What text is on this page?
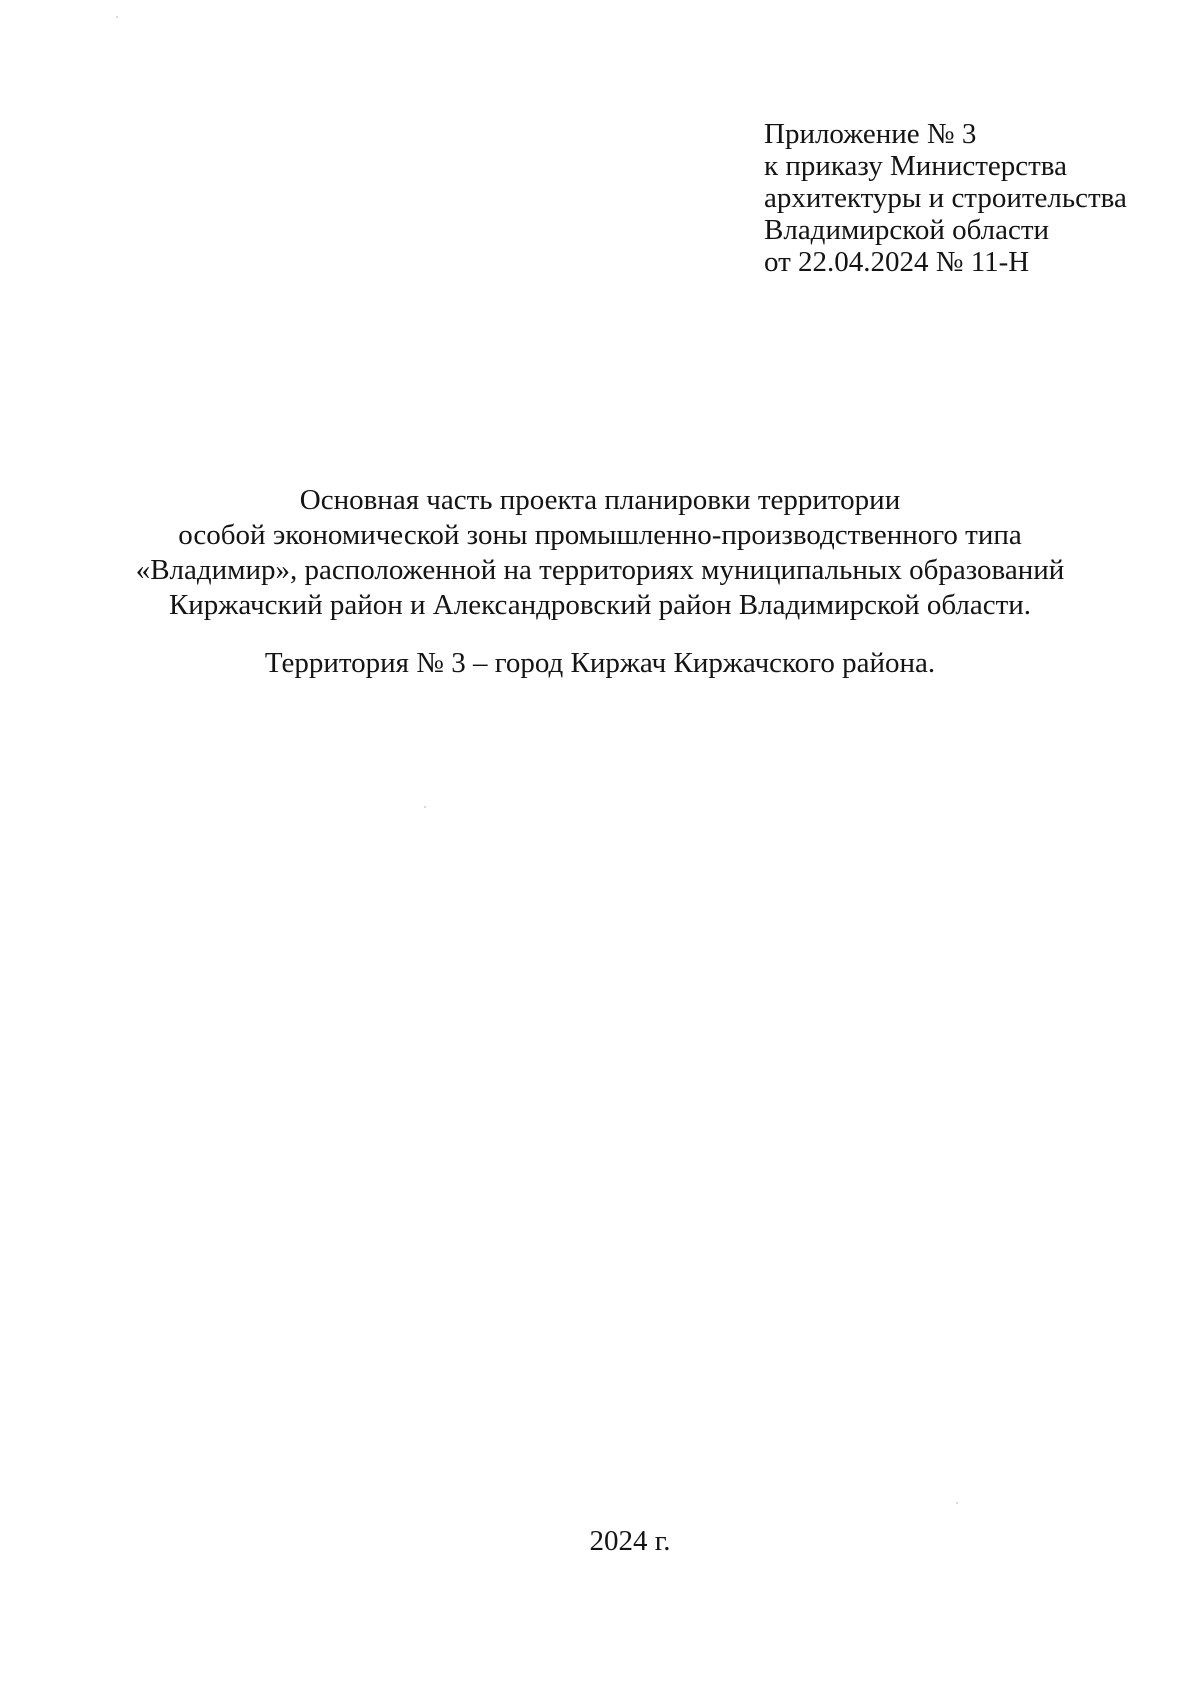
Приложение № 3
к приказу Министерства
архитектуры и строительства
Владимирской области
от 22.04.2024 № 11-Н
Основная часть проекта планировки территории
особой экономической зоны промышленно-производственного типа
«Владимир», расположенной на территориях муниципальных образований
Киржачский район и Александровский район Владимирской области.
Территория № 3 – город Киржач Киржачского района.
2024 г.
